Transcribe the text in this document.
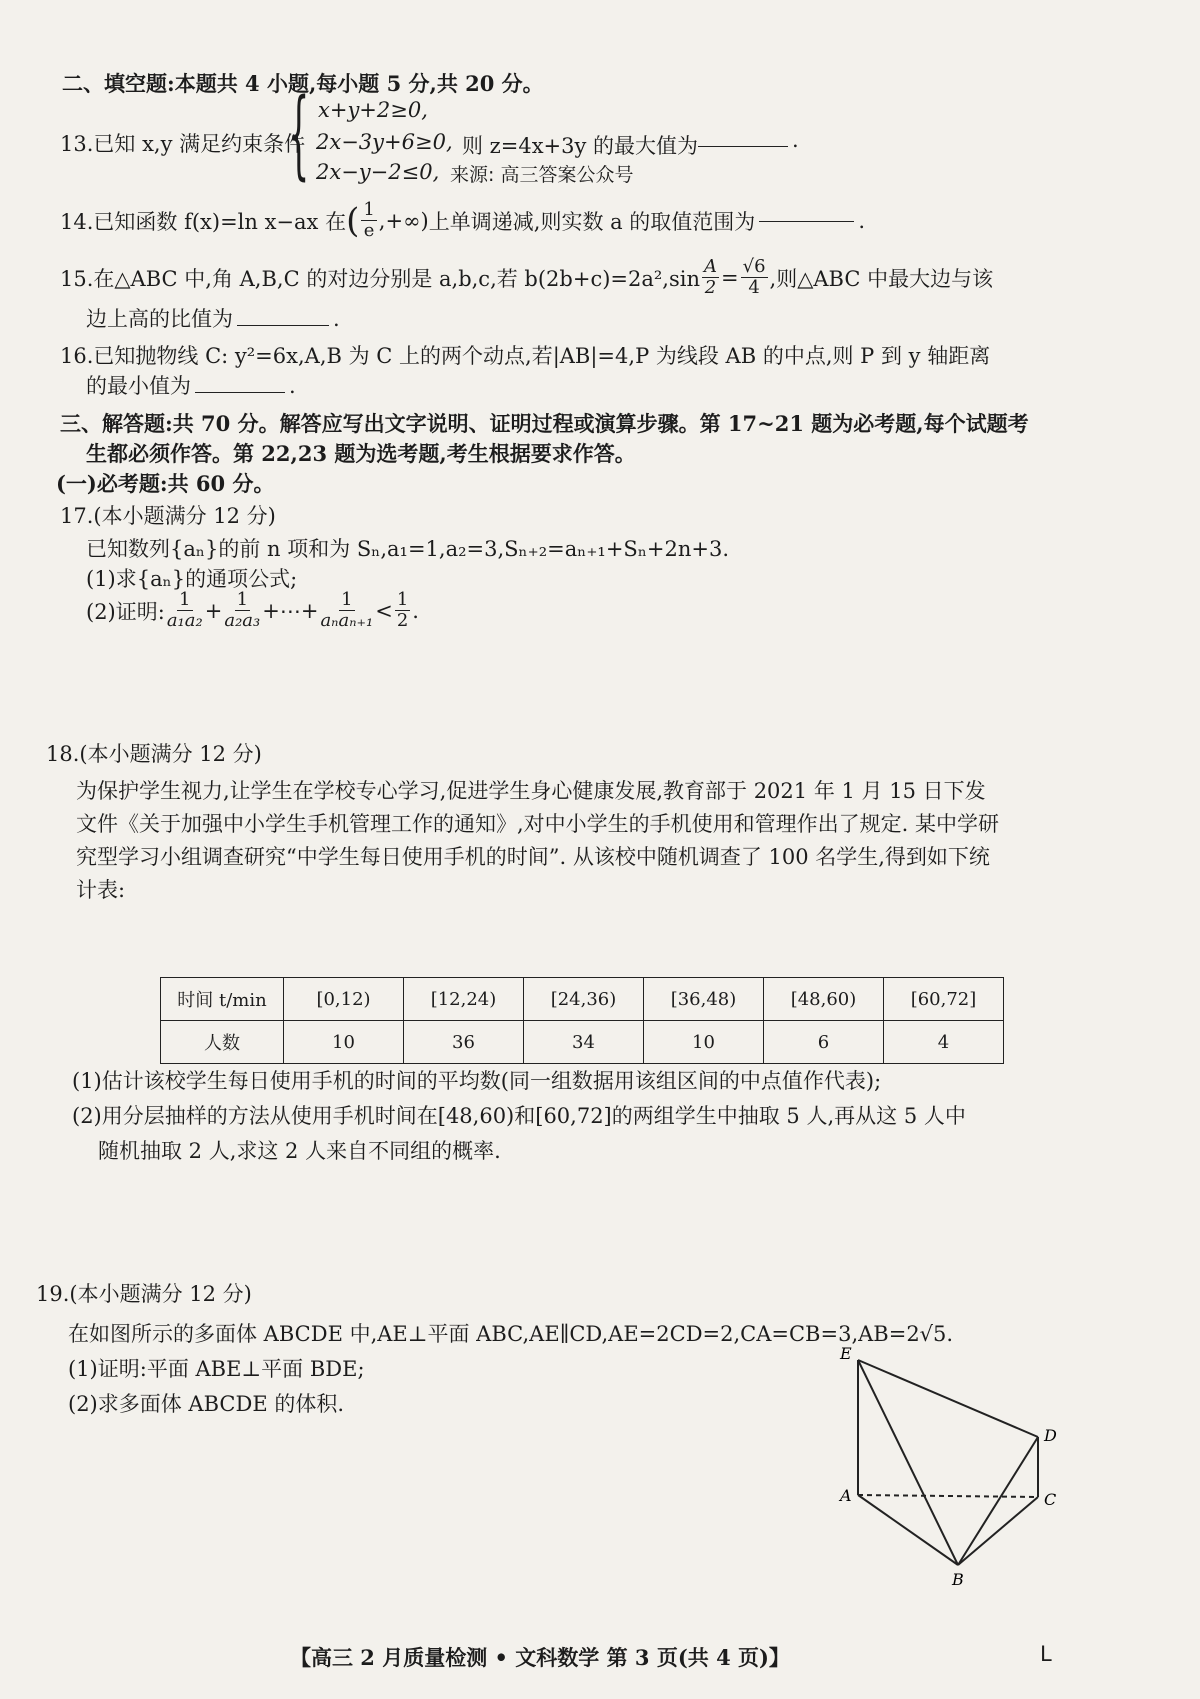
二、填空题:本题共 4 小题,每小题 5 分,共 20 分。
13.已知 x,y 满足约束条件
{ x+y+2≥0,
2x−3y+6≥0, 则 z=4x+3y 的最大值为	.
2x−y−2≤0, 来源: 高三答案公众号
14.已知函数 f(x)=ln x−ax 在 ( $\frac{1}{e}$ ,+∞) 上单调递减,则实数 a 的取值范围为	.
15.在△ABC 中,角 A,B,C 的对边分别是 a,b,c,若 $b(2b+c)=2a^2,\sin \frac{A}{2} = \frac{√6}{4}$ ,则△ABC 中最大边与该
边上高的比值为	.
16.已知抛物线 C: y²=6x,A,B 为 C 上的两个动点,若|AB|=4,P 为线段 AB 的中点,则 P 到 y 轴距离
的最小值为	.
三、解答题:共 70 分。解答应写出文字说明、证明过程或演算步骤。第 17~21 题为必考题,每个试题考
生都必须作答。第 22,23 题为选考题,考生根据要求作答。
(一)必考题:共 60 分。
17.(本小题满分 12 分)
已知数列{aₙ}的前 n 项和为 Sₙ,a₁=1,a₂=3,Sₙ₊₂=aₙ₊₁+Sₙ+2n+3.
(1)求{aₙ}的通项公式;
(2)证明: $\frac{1}{\text{a₁a₂}} + \frac{1}{\text{a₂a₃}}$ +⋯+ $\frac{1}{\text{aₙaₙ₊₁}} < \frac{1}{2}$ .
18.(本小题满分 12 分)
为保护学生视力,让学生在学校专心学习,促进学生身心健康发展,教育部于 2021 年 1 月 15 日下发
文件《关于加强中小学生手机管理工作的通知》,对中小学生的手机使用和管理作出了规定. 某中学研
究型学习小组调查研究“中学生每日使用手机的时间”. 从该校中随机调查了 100 名学生,得到如下统
计表:
时间 t/min	[0,12)	[12,24)	[24,36)	[36,48)	[48,60)	[60,72]
人数	10	36	34	10	6	4
(1)估计该校学生每日使用手机的时间的平均数(同一组数据用该组区间的中点值作代表);
(2)用分层抽样的方法从使用手机时间在[48,60)和[60,72]的两组学生中抽取 5 人,再从这 5 人中
随机抽取 2 人,求这 2 人来自不同组的概率.
19.(本小题满分 12 分)
在如图所示的多面体 ABCDE 中,AE⊥平面 ABC,AE∥CD,AE=2CD=2,CA=CB=3,AB=2√5.
(1)证明:平面 ABE⊥平面 BDE;
(2)求多面体 ABCDE 的体积.
E
D
A	C
B
【高三 2 月质量检测 • 文科数学 第 3 页(共 4 页)】	L
